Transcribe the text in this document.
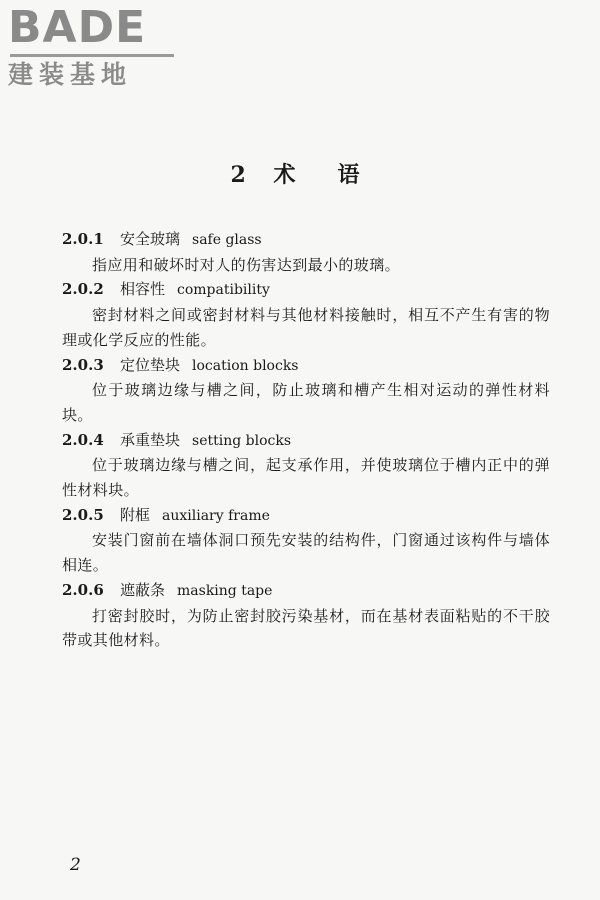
BADE
建装基地
2 术　语
2.0.1 安全玻璃 safe glass
指应用和破坏时对人的伤害达到最小的玻璃。
2.0.2 相容性 compatibility
密封材料之间或密封材料与其他材料接触时，相互不产生有害的物理或化学反应的性能。
2.0.3 定位垫块 location blocks
位于玻璃边缘与槽之间，防止玻璃和槽产生相对运动的弹性材料块。
2.0.4 承重垫块 setting blocks
位于玻璃边缘与槽之间，起支承作用，并使玻璃位于槽内正中的弹性材料块。
2.0.5 附框 auxiliary frame
安装门窗前在墙体洞口预先安装的结构件，门窗通过该构件与墙体相连。
2.0.6 遮蔽条 masking tape
打密封胶时，为防止密封胶污染基材，而在基材表面粘贴的不干胶带或其他材料。
2
